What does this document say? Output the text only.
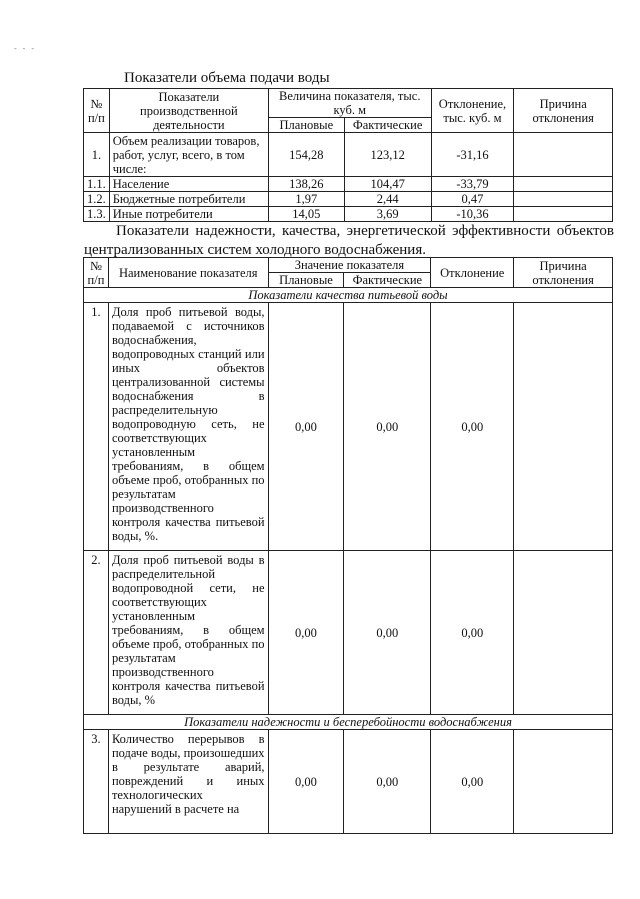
- - -
Показатели объема подачи воды
№ п/п	Показатели производственной деятельности	Величина показателя, тыс. куб. м		Отклонение, тыс. куб. м	Причина отклонения
		Плановые	Фактические		
1.	Объем реализации товаров, работ, услуг, всего, в том числе:	154,28	123,12	-31,16	
1.1.	Население	138,26	104,47	-33,79	
1.2.	Бюджетные потребители	1,97	2,44	0,47	
1.3.	Иные потребители	14,05	3,69	-10,36	
Показатели надежности, качества, энергетической эффективности объектов централизованных систем холодного водоснабжения.
№ п/п	Наименование показателя	Значение показателя		Отклонение	Причина отклонения
		Плановые	Фактические		
Показатели качества питьевой воды					
1.	Доля проб питьевой воды, подаваемой с источников водоснабжения, водопроводных станций или иных объектов централизованной системы водоснабжения в распределительную водопроводную сеть, не соответствующих установленным требованиям, в общем объеме проб, отобранных по результатам производственного контроля качества питьевой воды, %.	0,00	0,00	0,00	
2.	Доля проб питьевой воды в распределительной водопроводной сети, не соответствующих установленным требованиям, в общем объеме проб, отобранных по результатам производственного контроля качества питьевой воды, %	0,00	0,00	0,00	
Показатели надежности и бесперебойности водоснабжения					
3.	Количество перерывов в подаче воды, произошедших в результате аварий, повреждений и иных технологических нарушений в расчете на	0,00	0,00	0,00	
